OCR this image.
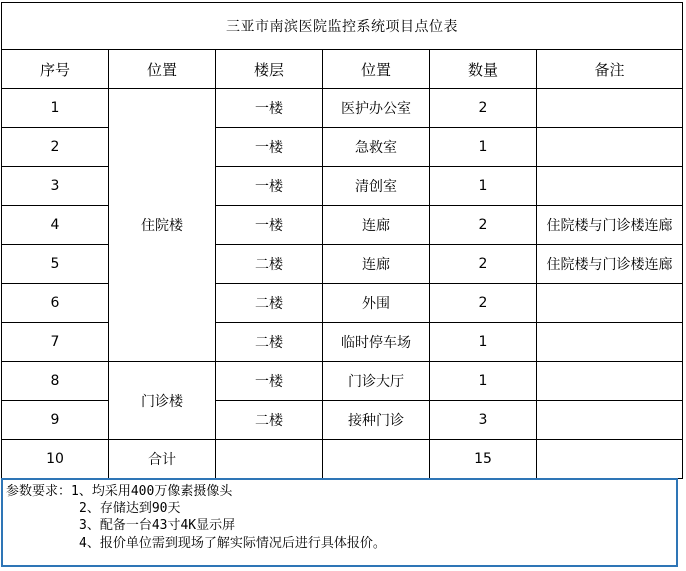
三亚市南滨医院监控系统项目点位表					
序号	位置	楼层	位置	数量	备注
1	住院楼	一楼	医护办公室	2	
2		一楼	急救室	1	
3		一楼	清创室	1	
4		一楼	连廊	2	住院楼与门诊楼连廊
5		二楼	连廊	2	住院楼与门诊楼连廊
6		二楼	外围	2	
7		二楼	临时停车场	1	
8	门诊楼	一楼	门诊大厅	1	
9		二楼	接种门诊	3	
10	合计			15	
参数要求：1、均采用400万像素摄像头
2、存储达到90天
3、配备一台43寸4K显示屏
4、报价单位需到现场了解实际情况后进行具体报价。
